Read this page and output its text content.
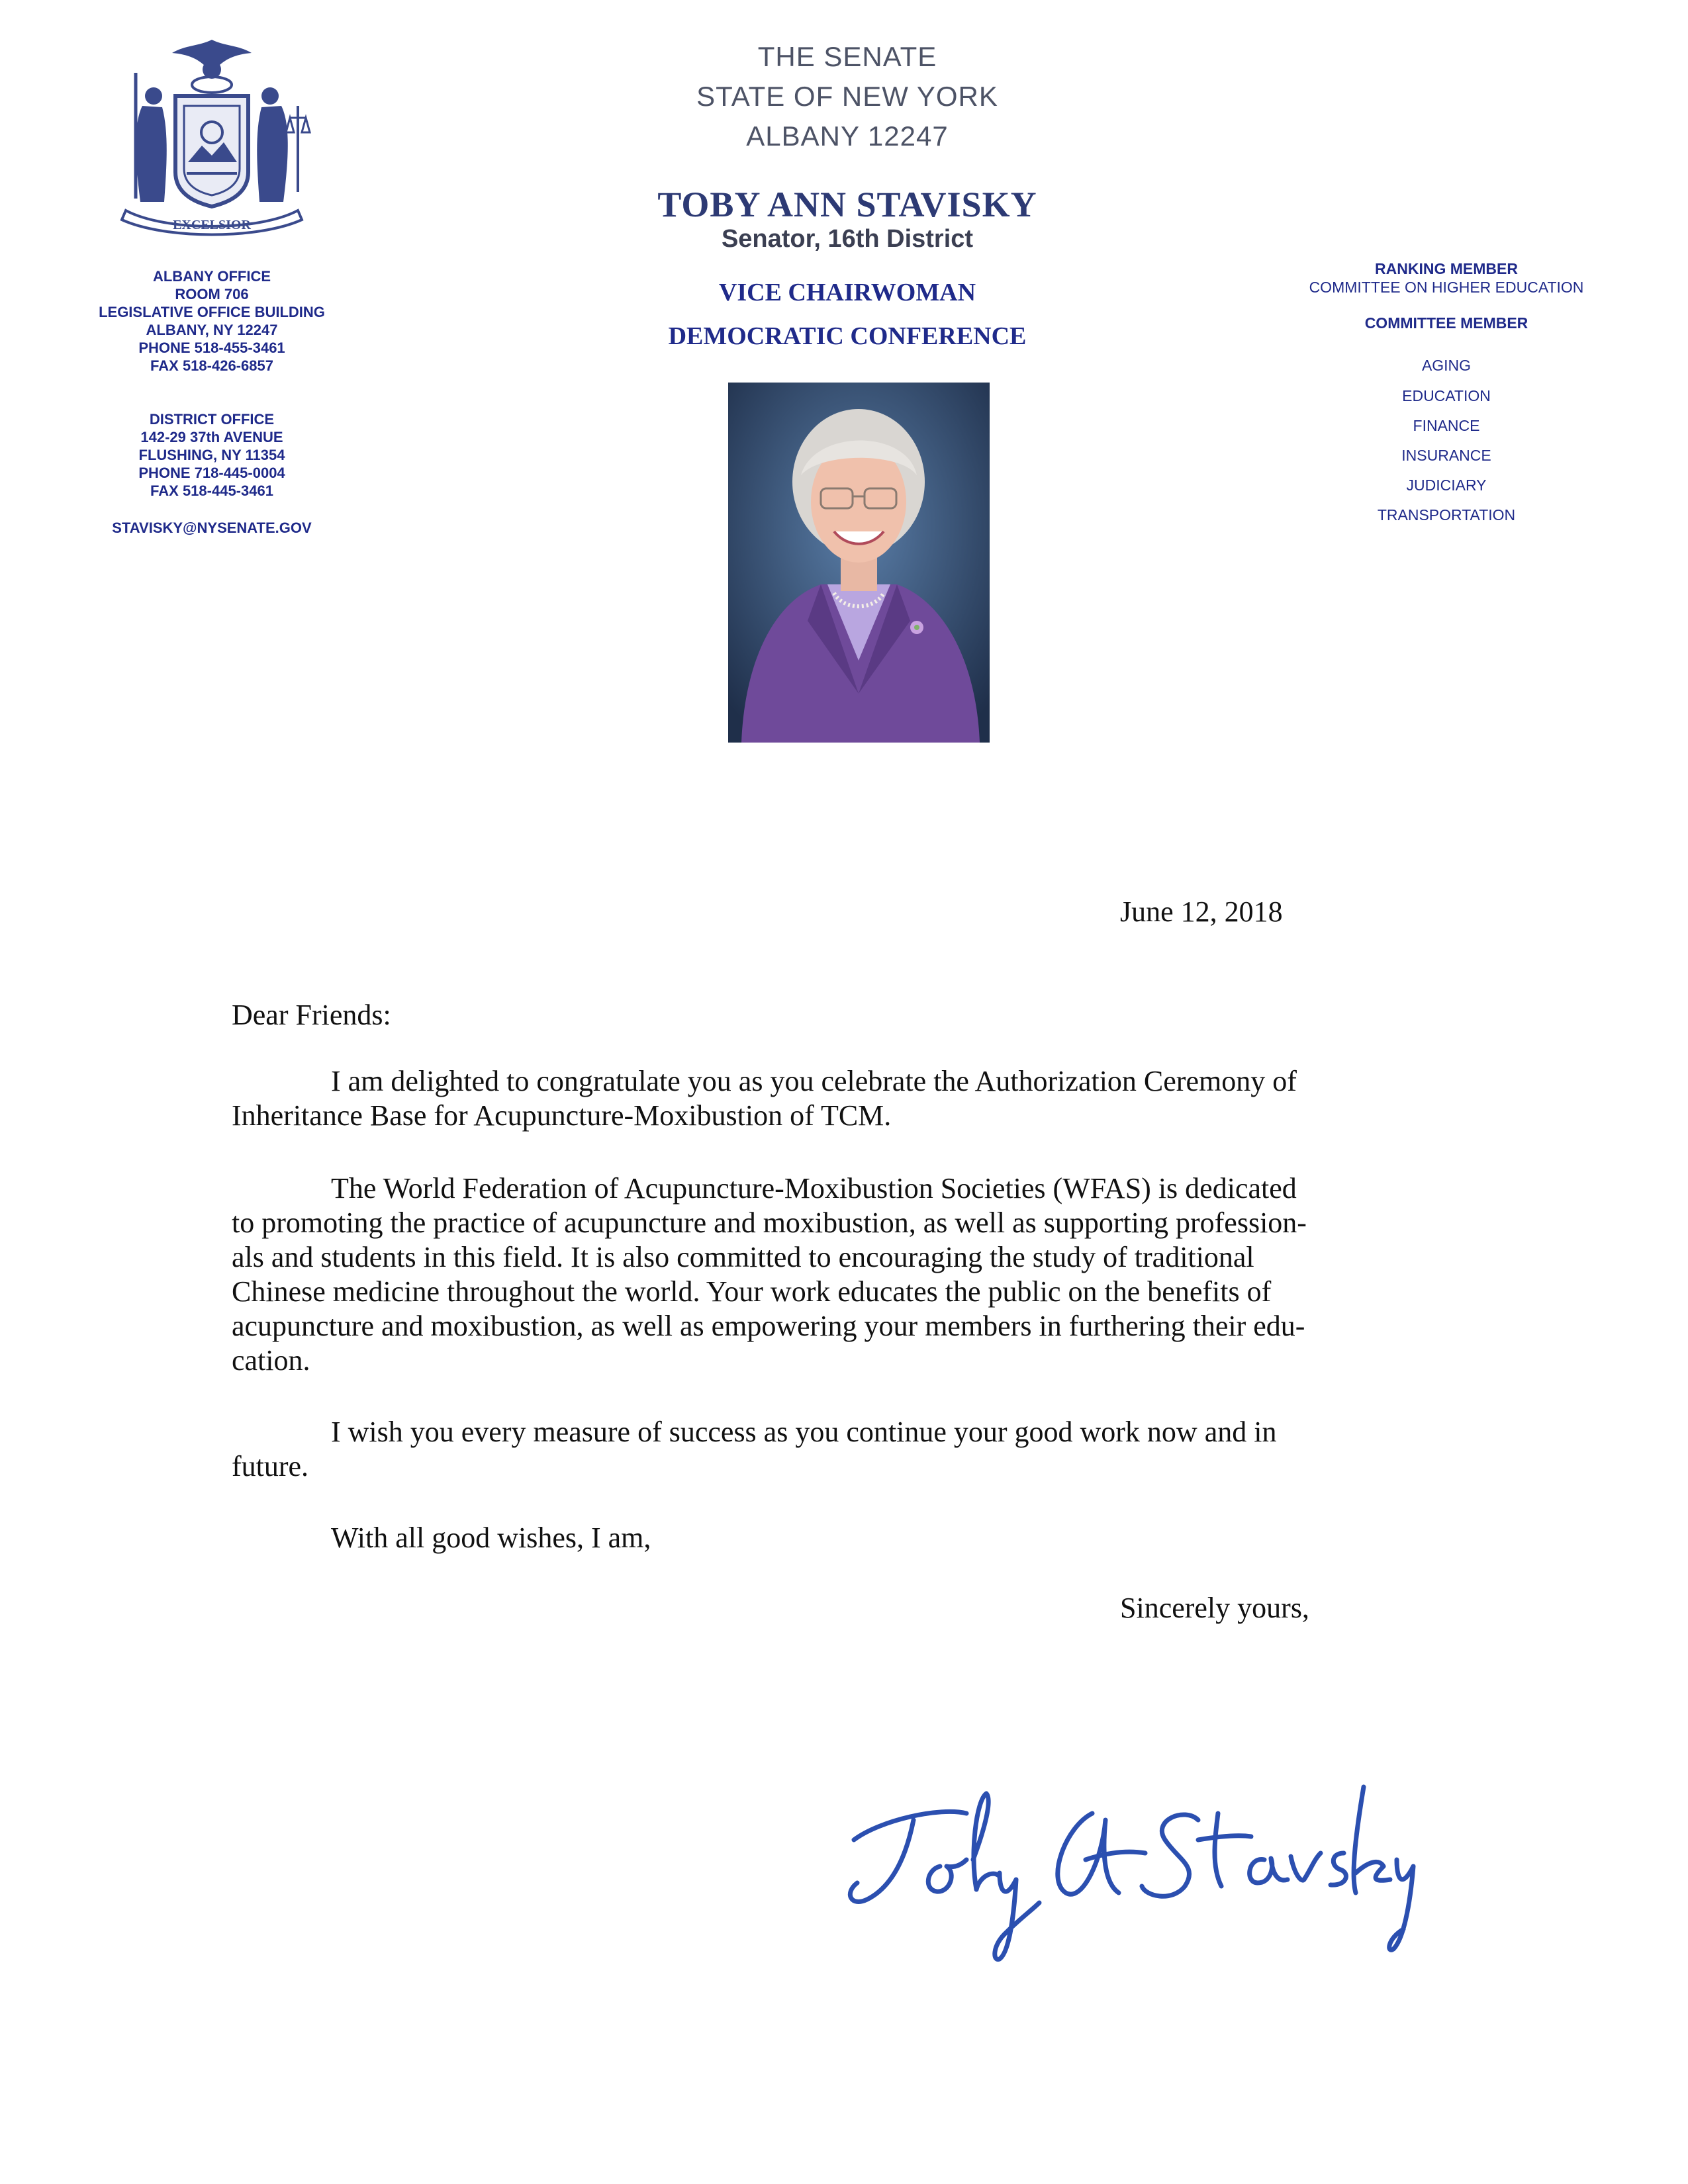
EXCELSIOR
THE SENATE
STATE OF NEW YORK
ALBANY 12247
TOBY ANN STAVISKY
Senator, 16th District
VICE CHAIRWOMAN
DEMOCRATIC CONFERENCE
ALBANY OFFICE
ROOM 706
LEGISLATIVE OFFICE BUILDING
ALBANY, NY 12247
PHONE 518-455-3461
FAX 518-426-6857
DISTRICT OFFICE
142-29 37th AVENUE
FLUSHING, NY 11354
PHONE 718-445-0004
FAX 518-445-3461
STAVISKY@NYSENATE.GOV
RANKING MEMBER
COMMITTEE ON HIGHER EDUCATION
COMMITTEE MEMBER
AGING
EDUCATION
FINANCE
INSURANCE
JUDICIARY
TRANSPORTATION
June 12, 2018
Dear Friends:
I am delighted to congratulate you as you celebrate the Authorization Ceremony of
Inheritance Base for Acupuncture-Moxibustion of TCM.
The World Federation of Acupuncture-Moxibustion Societies (WFAS) is dedicated
to promoting the practice of acupuncture and moxibustion, as well as supporting profession-
als and students in this field. It is also committed to encouraging the study of traditional
Chinese medicine throughout the world. Your work educates the public on the benefits of
acupuncture and moxibustion, as well as empowering your members in furthering their edu-
cation.
I wish you every measure of success as you continue your good work now and in
future.
With all good wishes, I am,
Sincerely yours,
